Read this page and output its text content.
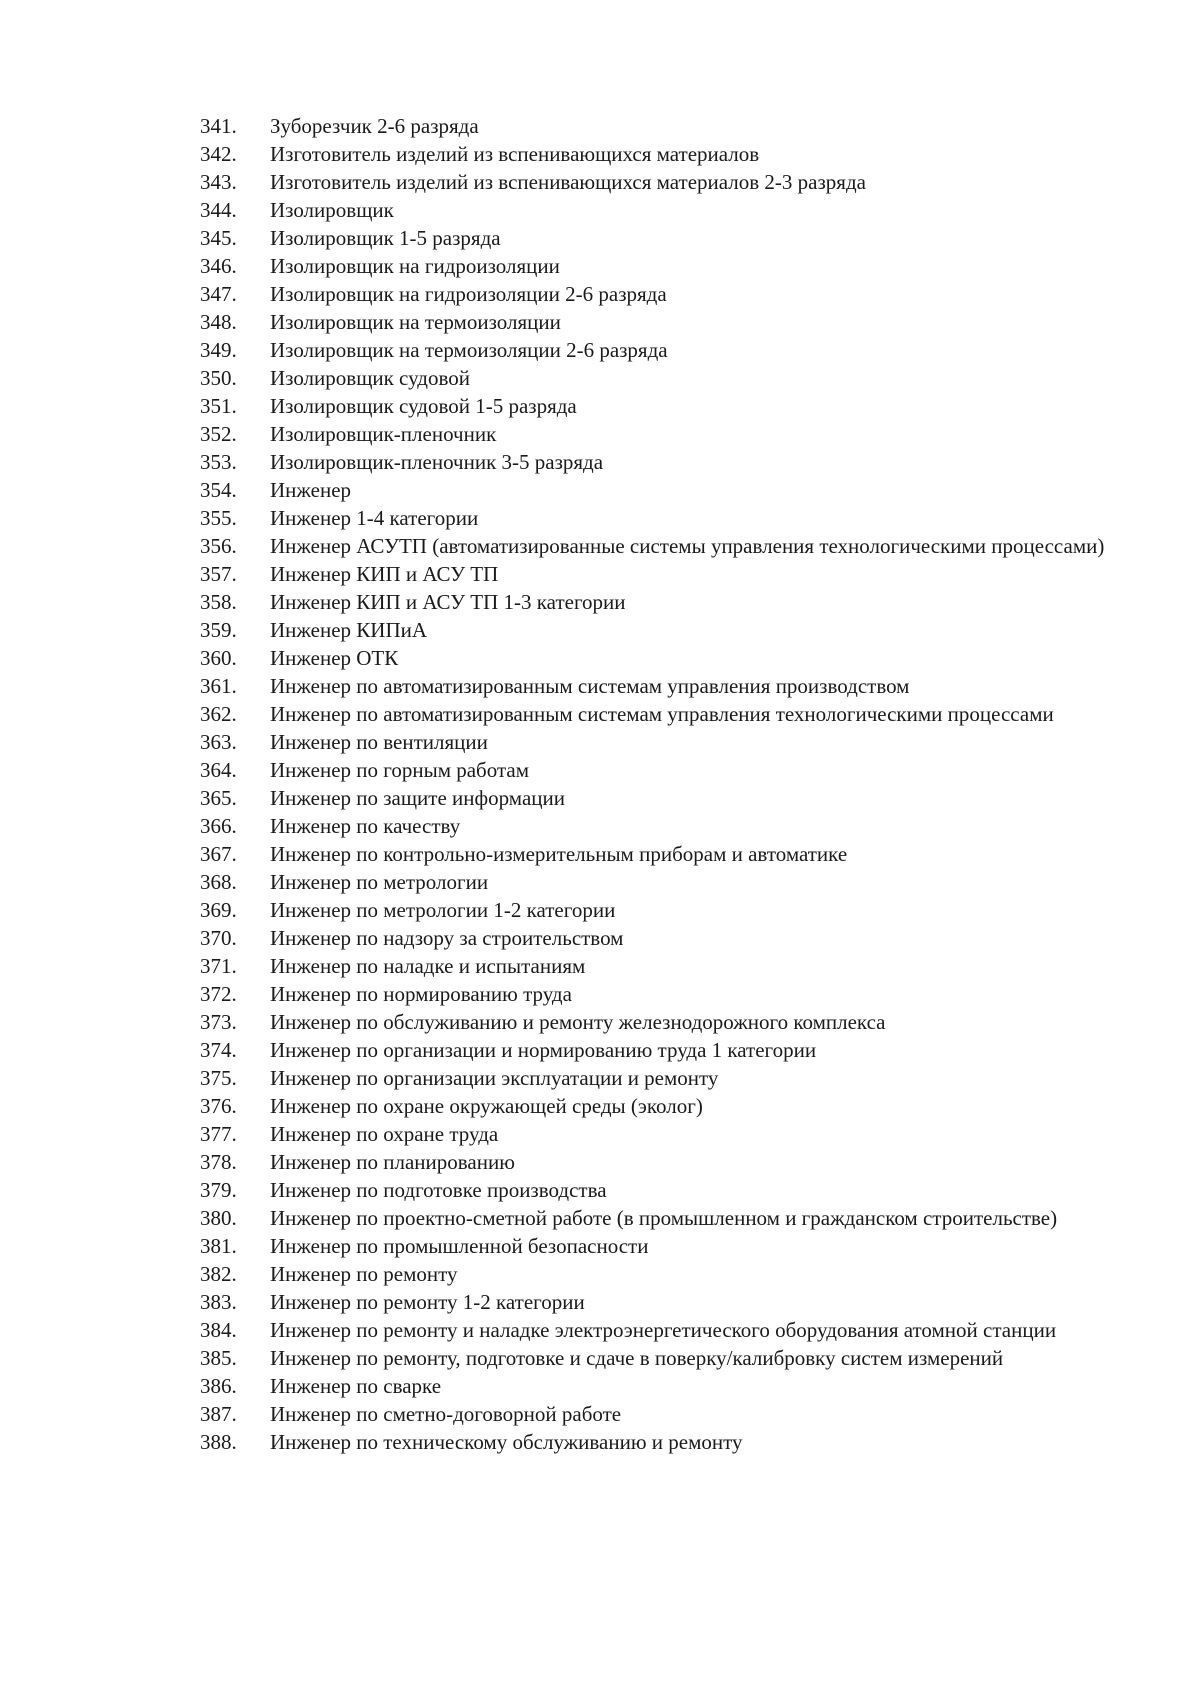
341.	Зуборезчик 2-6 разряда
342.	Изготовитель изделий из вспенивающихся материалов
343.	Изготовитель изделий из вспенивающихся материалов 2-3 разряда
344.	Изолировщик
345.	Изолировщик 1-5 разряда
346.	Изолировщик на гидроизоляции
347.	Изолировщик на гидроизоляции 2-6 разряда
348.	Изолировщик на термоизоляции
349.	Изолировщик на термоизоляции 2-6 разряда
350.	Изолировщик судовой
351.	Изолировщик судовой 1-5 разряда
352.	Изолировщик-пленочник
353.	Изолировщик-пленочник 3-5 разряда
354.	Инженер
355.	Инженер 1-4 категории
356.	Инженер АСУТП (автоматизированные системы управления технологическими процессами)
357.	Инженер КИП и АСУ ТП
358.	Инженер КИП и АСУ ТП 1-3 категории
359.	Инженер КИПиА
360.	Инженер ОТК
361.	Инженер по автоматизированным системам управления производством
362.	Инженер по автоматизированным системам управления технологическими процессами
363.	Инженер по вентиляции
364.	Инженер по горным работам
365.	Инженер по защите информации
366.	Инженер по качеству
367.	Инженер по контрольно-измерительным приборам и автоматике
368.	Инженер по метрологии
369.	Инженер по метрологии 1-2 категории
370.	Инженер по надзору за строительством
371.	Инженер по наладке и испытаниям
372.	Инженер по нормированию труда
373.	Инженер по обслуживанию и ремонту железнодорожного комплекса
374.	Инженер по организации и нормированию труда 1 категории
375.	Инженер по организации эксплуатации и ремонту
376.	Инженер по охране окружающей среды (эколог)
377.	Инженер по охране труда
378.	Инженер по планированию
379.	Инженер по подготовке производства
380.	Инженер по проектно-сметной работе (в промышленном и гражданском строительстве)
381.	Инженер по промышленной безопасности
382.	Инженер по ремонту
383.	Инженер по ремонту 1-2 категории
384.	Инженер по ремонту и наладке электроэнергетического оборудования атомной станции
385.	Инженер по ремонту, подготовке и сдаче в поверку/калибровку систем измерений
386.	Инженер по сварке
387.	Инженер по сметно-договорной работе
388.	Инженер по техническому обслуживанию и ремонту
